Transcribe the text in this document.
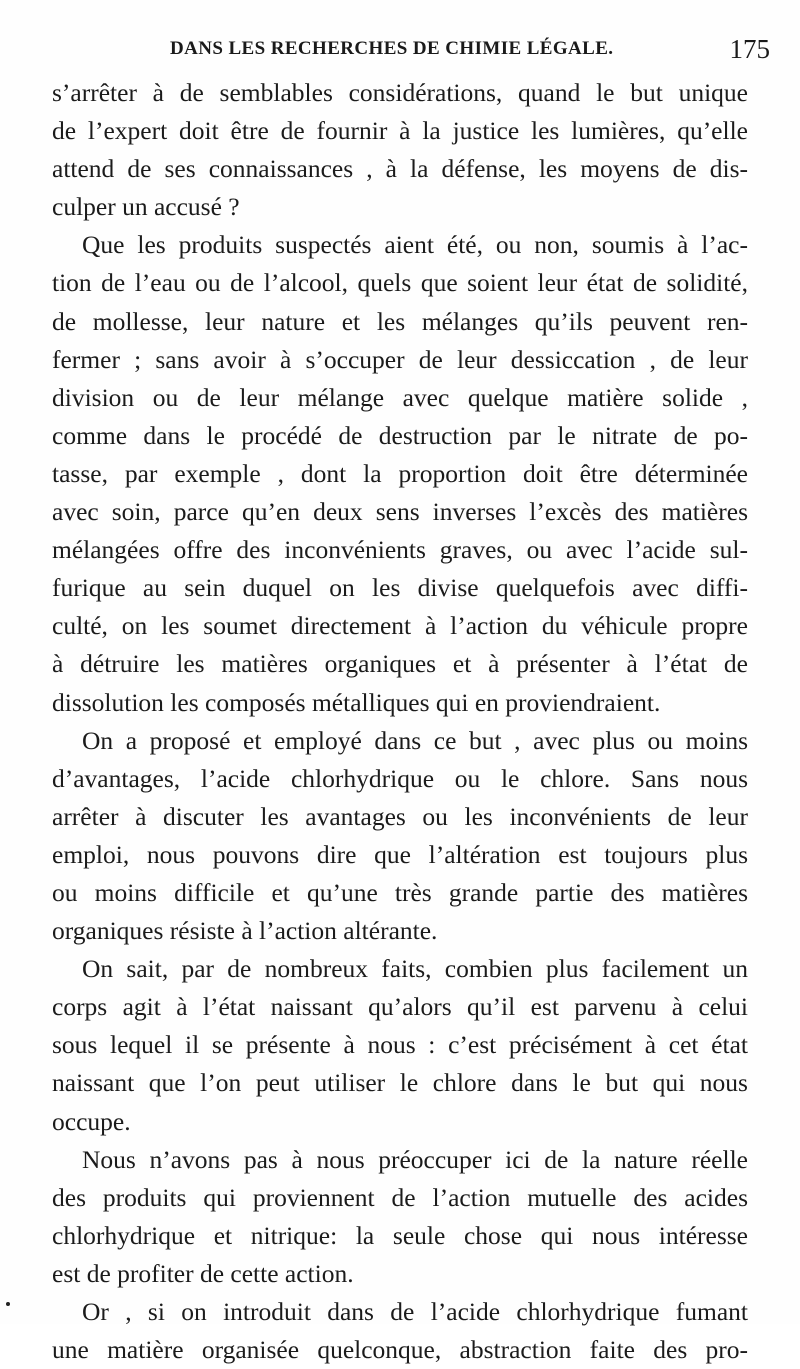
DANS LES RECHERCHES DE CHIMIE LÉGALE.	175
s’arrêter à de semblables considérations, quand le but unique
de l’expert doit être de fournir à la justice les lumières, qu’elle
attend de ses connaissances , à la défense, les moyens de dis-
culper un accusé ?
Que les produits suspectés aient été, ou non, soumis à l’ac-
tion de l’eau ou de l’alcool, quels que soient leur état de solidité,
de mollesse, leur nature et les mélanges qu’ils peuvent ren-
fermer ; sans avoir à s’occuper de leur dessiccation , de leur
division ou de leur mélange avec quelque matière solide ,
comme dans le procédé de destruction par le nitrate de po-
tasse, par exemple , dont la proportion doit être déterminée
avec soin, parce qu’en deux sens inverses l’excès des matières
mélangées offre des inconvénients graves, ou avec l’acide sul-
furique au sein duquel on les divise quelquefois avec diffi-
culté, on les soumet directement à l’action du véhicule propre
à détruire les matières organiques et à présenter à l’état de
dissolution les composés métalliques qui en proviendraient.
On a proposé et employé dans ce but , avec plus ou moins
d’avantages, l’acide chlorhydrique ou le chlore. Sans nous
arrêter à discuter les avantages ou les inconvénients de leur
emploi, nous pouvons dire que l’altération est toujours plus
ou moins difficile et qu’une très grande partie des matières
organiques résiste à l’action altérante.
On sait, par de nombreux faits, combien plus facilement un
corps agit à l’état naissant qu’alors qu’il est parvenu à celui
sous lequel il se présente à nous : c’est précisément à cet état
naissant que l’on peut utiliser le chlore dans le but qui nous
occupe.
Nous n’avons pas à nous préoccuper ici de la nature réelle
des produits qui proviennent de l’action mutuelle des acides
chlorhydrique et nitrique: la seule chose qui nous intéresse
est de profiter de cette action.
Or , si on introduit dans de l’acide chlorhydrique fumant
une matière organisée quelconque, abstraction faite des pro-
